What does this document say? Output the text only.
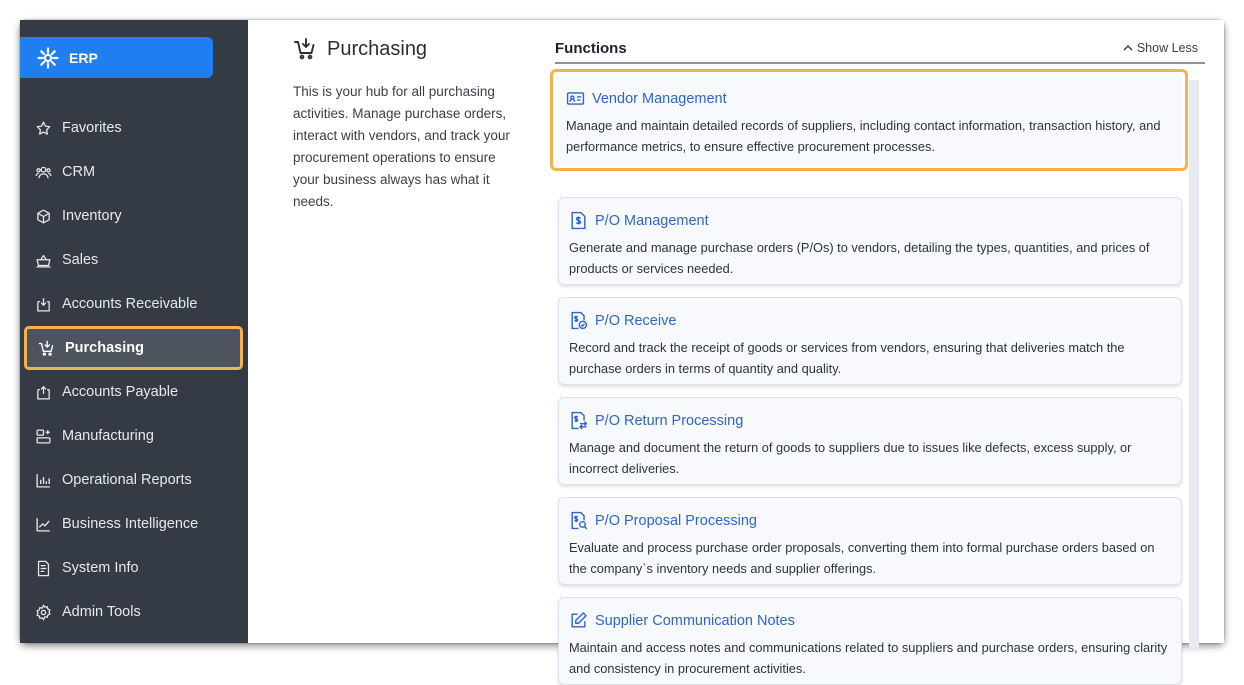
ERP
Favorites
CRM
Inventory
Sales
Accounts Receivable
Purchasing
Accounts Payable
Manufacturing
Operational Reports
Business Intelligence
System Info
Admin Tools
Purchasing
This is your hub for all purchasing activities. Manage purchase orders, interact with vendors, and track your procurement operations to ensure your business always has what it needs.
Functions	Show Less
Vendor Management
Manage and maintain detailed records of suppliers, including contact information, transaction history, and performance metrics, to ensure effective procurement processes.
P/O Management
Generate and manage purchase orders (P/Os) to vendors, detailing the types, quantities, and prices of products or services needed.
P/O Receive
Record and track the receipt of goods or services from vendors, ensuring that deliveries match the purchase orders in terms of quantity and quality.
P/O Return Processing
Manage and document the return of goods to suppliers due to issues like defects, excess supply, or incorrect deliveries.
P/O Proposal Processing
Evaluate and process purchase order proposals, converting them into formal purchase orders based on the company`s inventory needs and supplier offerings.
Supplier Communication Notes
Maintain and access notes and communications related to suppliers and purchase orders, ensuring clarity and consistency in procurement activities.
